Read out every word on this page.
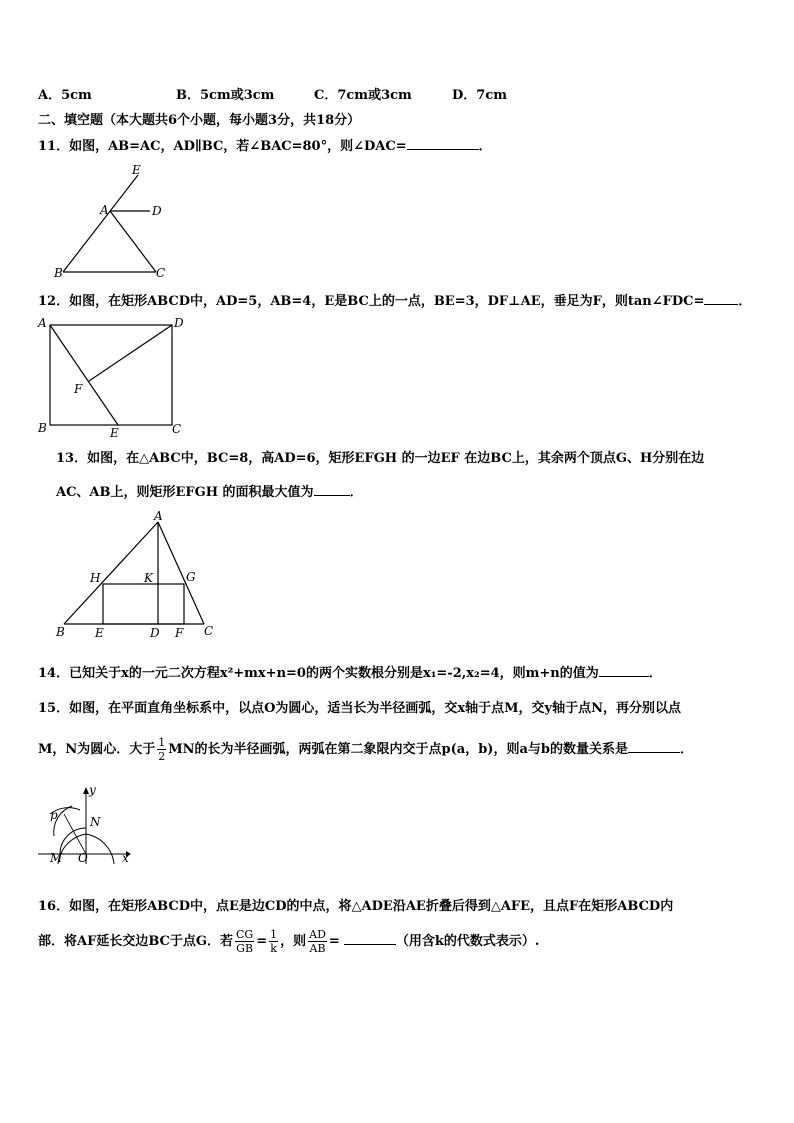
A．5cm	B．5cm或3cm	C．7cm或3cm	D．7cm
二、填空题（本大题共6个小题，每小题3分，共18分）
11．如图，AB=AC，AD∥BC，若∠BAC=80°，则∠DAC=	．
E
A	D
B	C
12．如图，在矩形ABCD中，AD=5，AB=4，E是BC上的一点，BE=3，DF⊥AE，垂足为F，则tan∠FDC=	．
A	D
F
B	E	C
13．如图，在△ABC中，BC=8，高AD=6，矩形EFGH 的一边EF 在边BC上，其余两个顶点G、H分别在边
AC、AB上，则矩形EFGH 的面积最大值为	．
A
H	K	G
B	E	D F C
14．已知关于x的一元二次方程x²+mx+n=0的两个实数根分别是x₁=-2,x₂=4，则m+n的值为	．
15．如图，在平面直角坐标系中，以点O为圆心，适当长为半径画弧，交x轴于点M，交y轴于点N，再分别以点
M，N为圆心．大于 $\frac{1}{2}$ MN的长为半径画弧，两弧在第二象限内交于点p(a，b)，则a与b的数量关系是	．
y
p	N
M O	x
16．如图，在矩形ABCD中，点E是边CD的中点，将△ADE沿AE折叠后得到△AFE，且点F在矩形ABCD内
部．将AF延长交边BC于点G．若 $\frac{CG}{GB} = \frac{1}{k}$ ，则 $\frac{AD}{AB}$ =	（用含k的代数式表示）.
